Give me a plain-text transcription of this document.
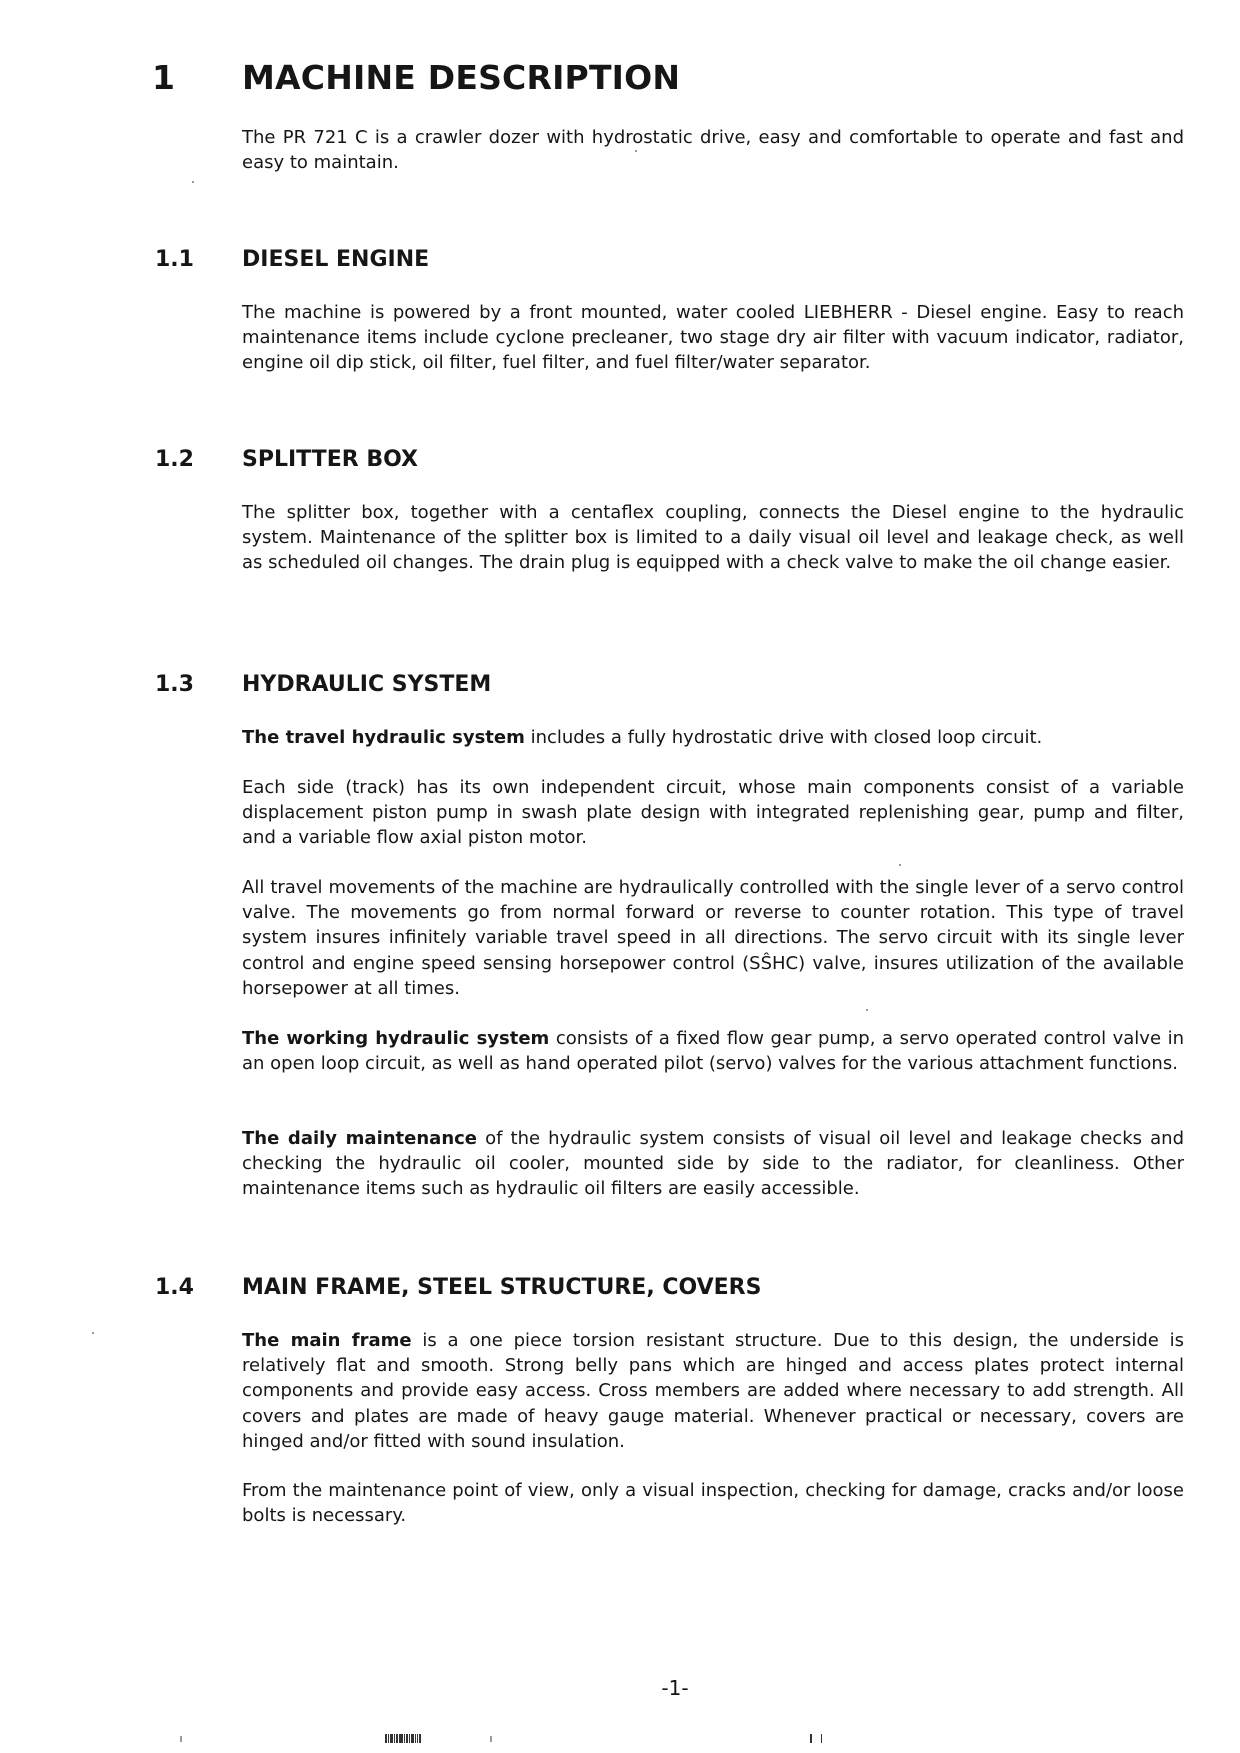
1 MACHINE DESCRIPTION

The PR 721 C is a crawler dozer with hydrostatic drive, easy and comfortable to operate and fast and easy to maintain.

1.1 DIESEL ENGINE

The machine is powered by a front mounted, water cooled LIEBHERR - Diesel engine. Easy to reach maintenance items include cyclone precleaner, two stage dry air filter with vacuum indicator, radiator, engine oil dip stick, oil filter, fuel filter, and fuel filter/water separator.

1.2 SPLITTER BOX

The splitter box, together with a centaflex coupling, connects the Diesel engine to the hydraulic system. Maintenance of the splitter box is limited to a daily visual oil level and leakage check, as well as scheduled oil changes. The drain plug is equipped with a check valve to make the oil change easier.

1.3 HYDRAULIC SYSTEM

The travel hydraulic system includes a fully hydrostatic drive with closed loop circuit.

Each side (track) has its own independent circuit, whose main components consist of a variable displacement piston pump in swash plate design with integrated replenishing gear, pump and filter, and a variable flow axial piston motor.

All travel movements of the machine are hydraulically controlled with the single lever of a servo control valve. The movements go from normal forward or reverse to counter rotation. This type of travel system insures infinitely variable travel speed in all directions. The servo circuit with its single lever control and engine speed sensing horsepower control (SŜHC) valve, insures utilization of the available horsepower at all times.

The working hydraulic system consists of a fixed flow gear pump, a servo operated control valve in an open loop circuit, as well as hand operated pilot (servo) valves for the various attachment functions.

The daily maintenance of the hydraulic system consists of visual oil level and leakage checks and checking the hydraulic oil cooler, mounted side by side to the radiator, for cleanliness. Other maintenance items such as hydraulic oil filters are easily accessible.

1.4 MAIN FRAME, STEEL STRUCTURE, COVERS

The main frame is a one piece torsion resistant structure. Due to this design, the underside is relatively flat and smooth. Strong belly pans which are hinged and access plates protect internal components and provide easy access. Cross members are added where necessary to add strength. All covers and plates are made of heavy gauge material. Whenever practical or necessary, covers are hinged and/or fitted with sound insulation.

From the maintenance point of view, only a visual inspection, checking for damage, cracks and/or loose bolts is necessary.

-1-
